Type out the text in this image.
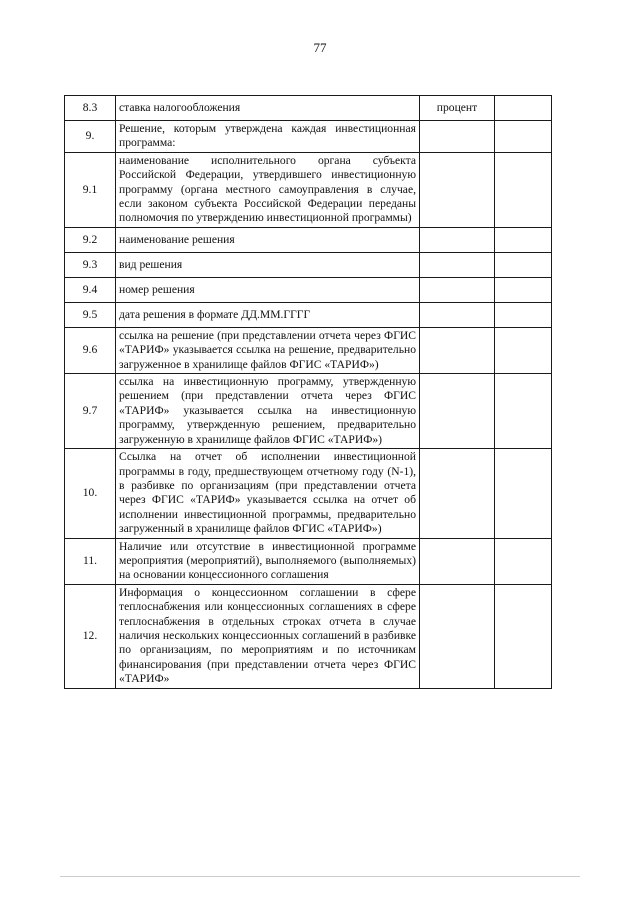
77
8.3	ставка налогообложения	процент	
9.	Решение, которым утверждена каждая инвестиционная программа:		
9.1	наименование исполнительного органа субъекта Российской Федерации, утвердившего инвестиционную программу (органа местного самоуправления в случае, если законом субъекта Российской Федерации переданы полномочия по утверждению инвестиционной программы)		
9.2	наименование решения		
9.3	вид решения		
9.4	номер решения		
9.5	дата решения в формате ДД.ММ.ГГГГ		
9.6	ссылка на решение (при представлении отчета через ФГИС «ТАРИФ» указывается ссылка на решение, предварительно загруженное в хранилище файлов ФГИС «ТАРИФ»)		
9.7	ссылка на инвестиционную программу, утвержденную решением (при представлении отчета через ФГИС «ТАРИФ» указывается ссылка на инвестиционную программу, утвержденную решением, предварительно загруженную в хранилище файлов ФГИС «ТАРИФ»)		
10.	Ссылка на отчет об исполнении инвестиционной программы в году, предшествующем отчетному году (N-1), в разбивке по организациям (при представлении отчета через ФГИС «ТАРИФ» указывается ссылка на отчет об исполнении инвестиционной программы, предварительно загруженный в хранилище файлов ФГИС «ТАРИФ»)		
11.	Наличие или отсутствие в инвестиционной программе мероприятия (мероприятий), выполняемого (выполняемых) на основании концессионного соглашения		
12.	Информация о концессионном соглашении в сфере теплоснабжения или концессионных соглашениях в сфере теплоснабжения в отдельных строках отчета в случае наличия нескольких концессионных соглашений в разбивке по организациям, по мероприятиям и по источникам финансирования (при представлении отчета через ФГИС «ТАРИФ»		
